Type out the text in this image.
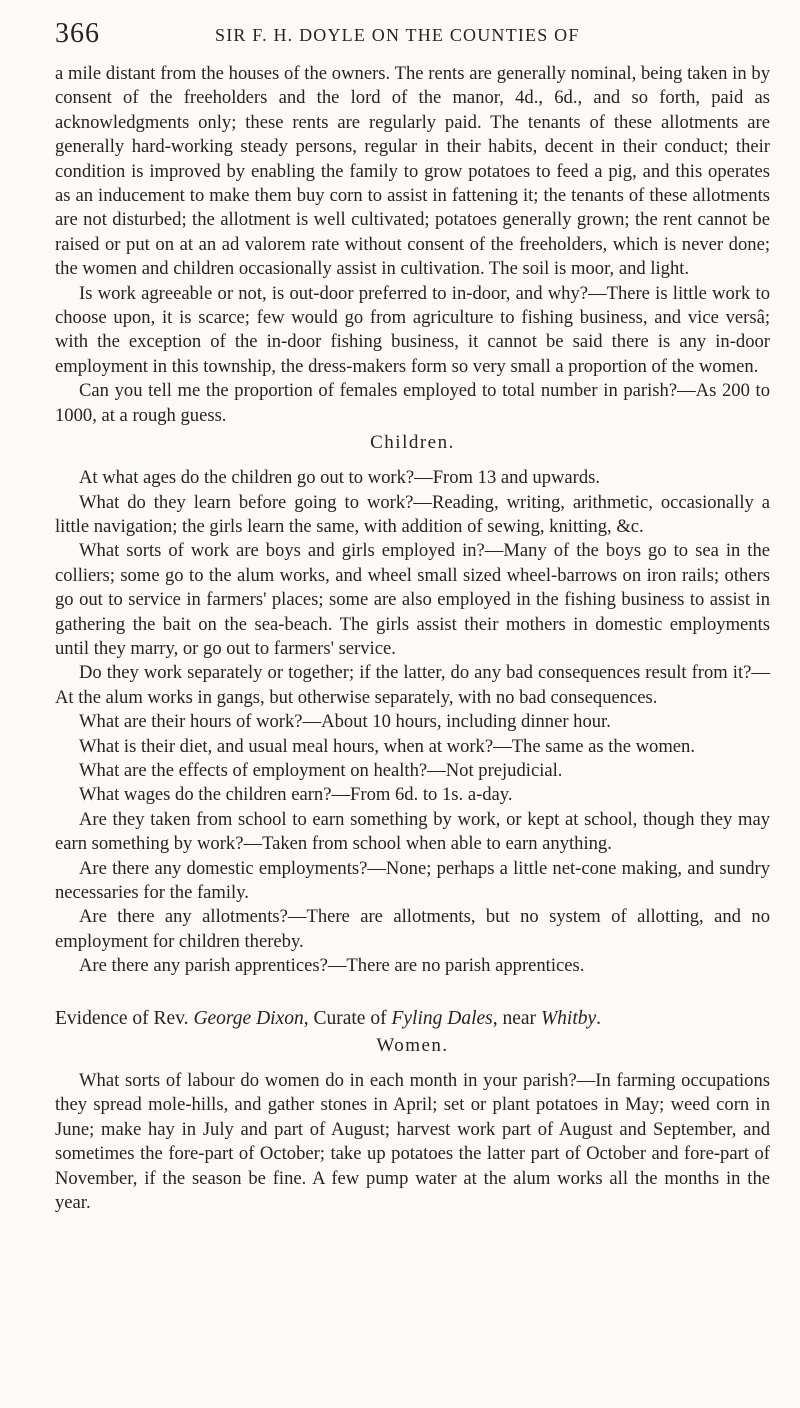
366	SIR F. H. DOYLE ON THE COUNTIES OF

a mile distant from the houses of the owners. The rents are generally nominal, being taken in by consent of the freeholders and the lord of the manor, 4d., 6d., and so forth, paid as acknowledgments only; these rents are regularly paid. The tenants of these allotments are generally hard-working steady persons, regular in their habits, decent in their conduct; their condition is improved by enabling the family to grow potatoes to feed a pig, and this operates as an inducement to make them buy corn to assist in fattening it; the tenants of these allotments are not disturbed; the allotment is well cultivated; potatoes generally grown; the rent cannot be raised or put on at an ad valorem rate without consent of the freeholders, which is never done; the women and children occasionally assist in cultivation. The soil is moor, and light.

Is work agreeable or not, is out-door preferred to in-door, and why?—There is little work to choose upon, it is scarce; few would go from agriculture to fishing business, and vice versâ; with the exception of the in-door fishing business, it cannot be said there is any in-door employment in this township, the dress-makers form so very small a proportion of the women.

Can you tell me the proportion of females employed to total number in parish?—As 200 to 1000, at a rough guess.

Children.

At what ages do the children go out to work?—From 13 and upwards.

What do they learn before going to work?—Reading, writing, arithmetic, occasionally a little navigation; the girls learn the same, with addition of sewing, knitting, &c.

What sorts of work are boys and girls employed in?—Many of the boys go to sea in the colliers; some go to the alum works, and wheel small sized wheel-barrows on iron rails; others go out to service in farmers' places; some are also employed in the fishing business to assist in gathering the bait on the sea-beach. The girls assist their mothers in domestic employments until they marry, or go out to farmers' service.

Do they work separately or together; if the latter, do any bad consequences result from it?—At the alum works in gangs, but otherwise separately, with no bad consequences.

What are their hours of work?—About 10 hours, including dinner hour.

What is their diet, and usual meal hours, when at work?—The same as the women.

What are the effects of employment on health?—Not prejudicial.

What wages do the children earn?—From 6d. to 1s. a-day.

Are they taken from school to earn something by work, or kept at school, though they may earn something by work?—Taken from school when able to earn anything.

Are there any domestic employments?—None; perhaps a little net-cone making, and sundry necessaries for the family.

Are there any allotments?—There are allotments, but no system of allotting, and no employment for children thereby.

Are there any parish apprentices?—There are no parish apprentices.

Evidence of Rev. George Dixon, Curate of Fyling Dales, near Whitby.

Women.

What sorts of labour do women do in each month in your parish?—In farming occupations they spread mole-hills, and gather stones in April; set or plant potatoes in May; weed corn in June; make hay in July and part of August; harvest work part of August and September, and sometimes the fore-part of October; take up potatoes the latter part of October and fore-part of November, if the season be fine. A few pump water at the alum works all the months in the year.
